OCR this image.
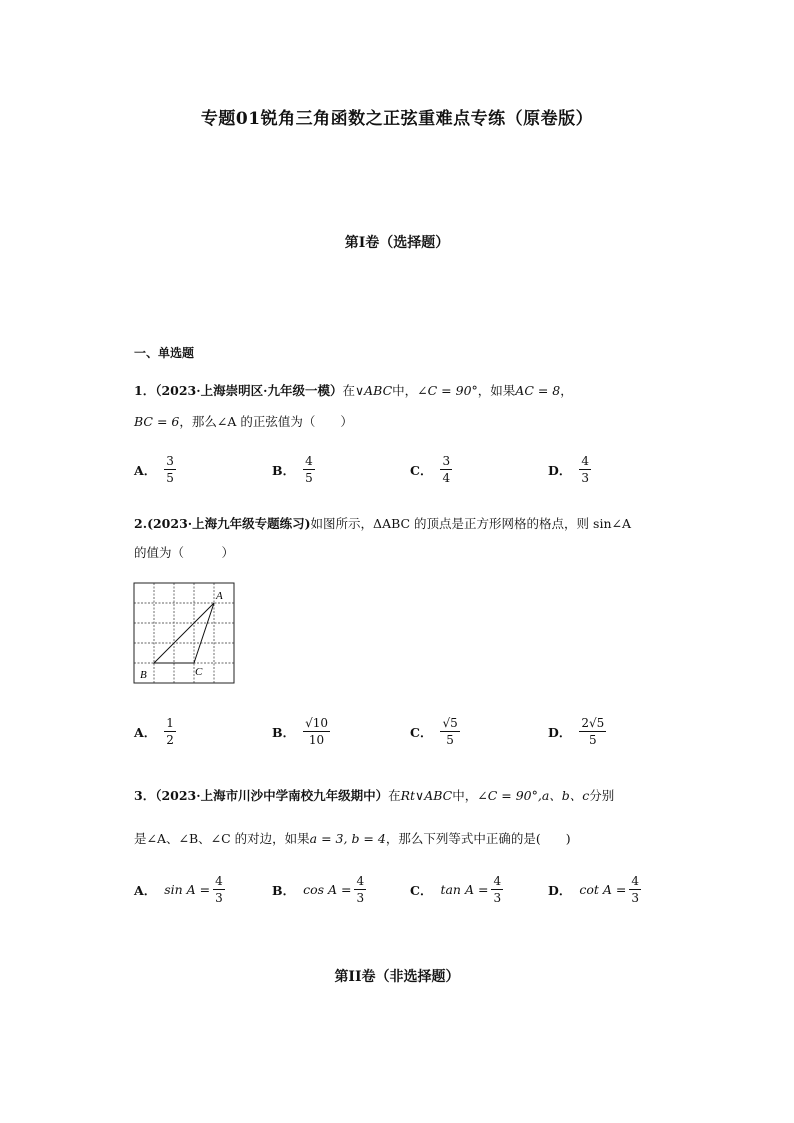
专题01锐角三角函数之正弦重难点专练（原卷版）
第I卷（选择题）
一、单选题
1．（2023·上海崇明区·九年级一模）在∨ABC中，∠C = 90°，如果AC = 8，
BC = 6，那么∠A 的正弦值为（　　）
A． $\frac{3}{5}$	B． $\frac{4}{5}$	C． $\frac{3}{4}$	D． $\frac{4}{3}$
2.(2023·上海九年级专题练习)如图所示，ΔABC 的顶点是正方形网格的格点，则 sin∠A
的值为（　　　）
A
B	C
A． $\frac{1}{2}$	B． $\frac{√10}{10}$	C． $\frac{√5}{5}$	D． $\frac{2√5}{5}$
3．（2023·上海市川沙中学南校九年级期中）在Rt∨ABC中，∠C = 90°,a、b、c分别
是∠A、∠B、∠C 的对边，如果a = 3, b = 4，那么下列等式中正确的是(　　)
A． $\sin A = \frac{4}{3}$	B． $\cos A = \frac{4}{3}$	C． $\tan A = \frac{4}{3}$	D． $\cot A = \frac{4}{3}$
第II卷（非选择题）
